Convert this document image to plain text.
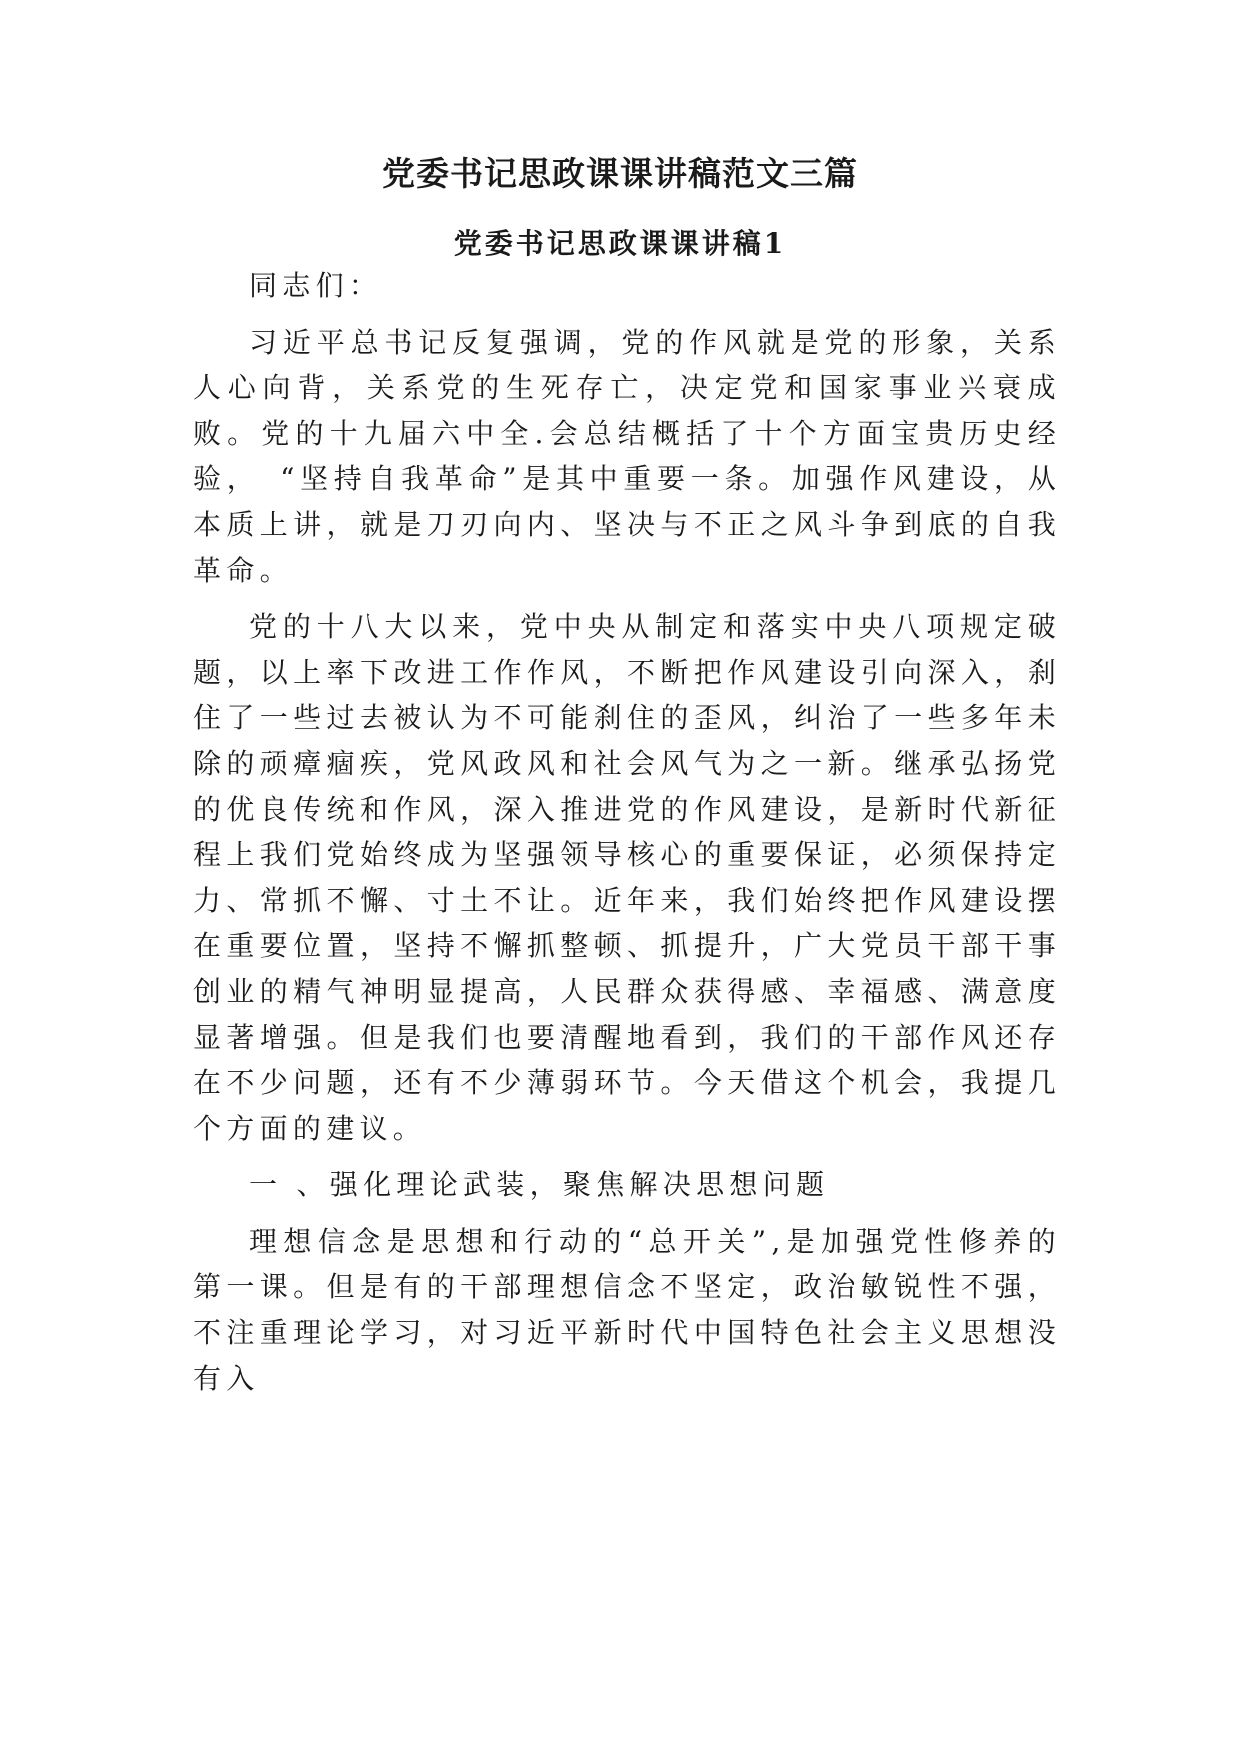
党委书记思政课课讲稿范文三篇
党委书记思政课课讲稿1

同志们：

习近平总书记反复强调，党的作风就是党的形象，关系人心向背，关系党的生死存亡，决定党和国家事业兴衰成败。党的十九届六中全.会总结概括了十个方面宝贵历史经验，　“坚持自我革命”是其中重要一条。加强作风建设，从本质上讲，就是刀刃向内、坚决与不正之风斗争到底的自我革命。

党的十八大以来，党中央从制定和落实中央八项规定破题，以上率下改进工作作风，不断把作风建设引向深入，刹住了一些过去被认为不可能刹住的歪风，纠治了一些多年未除的顽瘴痼疾，党风政风和社会风气为之一新。继承弘扬党的优良传统和作风，深入推进党的作风建设，是新时代新征程上我们党始终成为坚强领导核心的重要保证，必须保持定力、常抓不懈、寸土不让。近年来，我们始终把作风建设摆在重要位置，坚持不懈抓整顿、抓提升，广大党员干部干事创业的精气神明显提高，人民群众获得感、幸福感、满意度显著增强。但是我们也要清醒地看到，我们的干部作风还存在不少问题，还有不少薄弱环节。今天借这个机会，我提几个方面的建议。

一 、强化理论武装，聚焦解决思想问题

理想信念是思想和行动的“总开关”,是加强党性修养的第一课。但是有的干部理想信念不坚定，政治敏锐性不强，不注重理论学习，对习近平新时代中国特色社会主义思想没有入
